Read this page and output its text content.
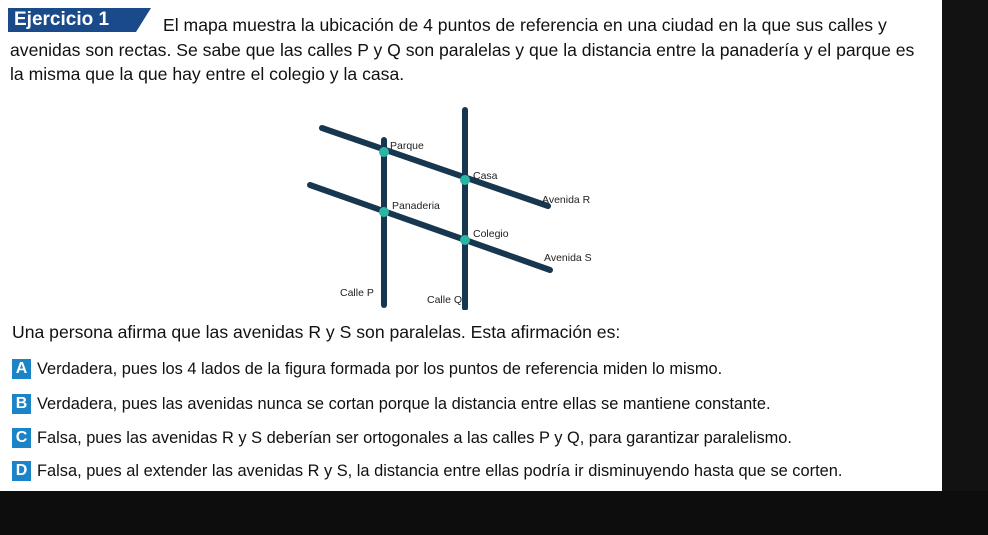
Ejercicio 1	El mapa muestra la ubicación de 4 puntos de referencia en una ciudad en la que sus calles y avenidas son rectas. Se sabe que las calles P y Q son paralelas y que la distancia entre la panadería y el parque es la misma que la que hay entre el colegio y la casa.
Parque
Casa
Panaderia
Colegio
Avenida R
Avenida S
Calle P
Calle Q
Una persona afirma que las avenidas R y S son paralelas. Esta afirmación es:
A Verdadera, pues los 4 lados de la figura formada por los puntos de referencia miden lo mismo.
B Verdadera, pues las avenidas nunca se cortan porque la distancia entre ellas se mantiene constante.
C Falsa, pues las avenidas R y S deberían ser ortogonales a las calles P y Q, para garantizar paralelismo.
D Falsa, pues al extender las avenidas R y S, la distancia entre ellas podría ir disminuyendo hasta que se corten.
